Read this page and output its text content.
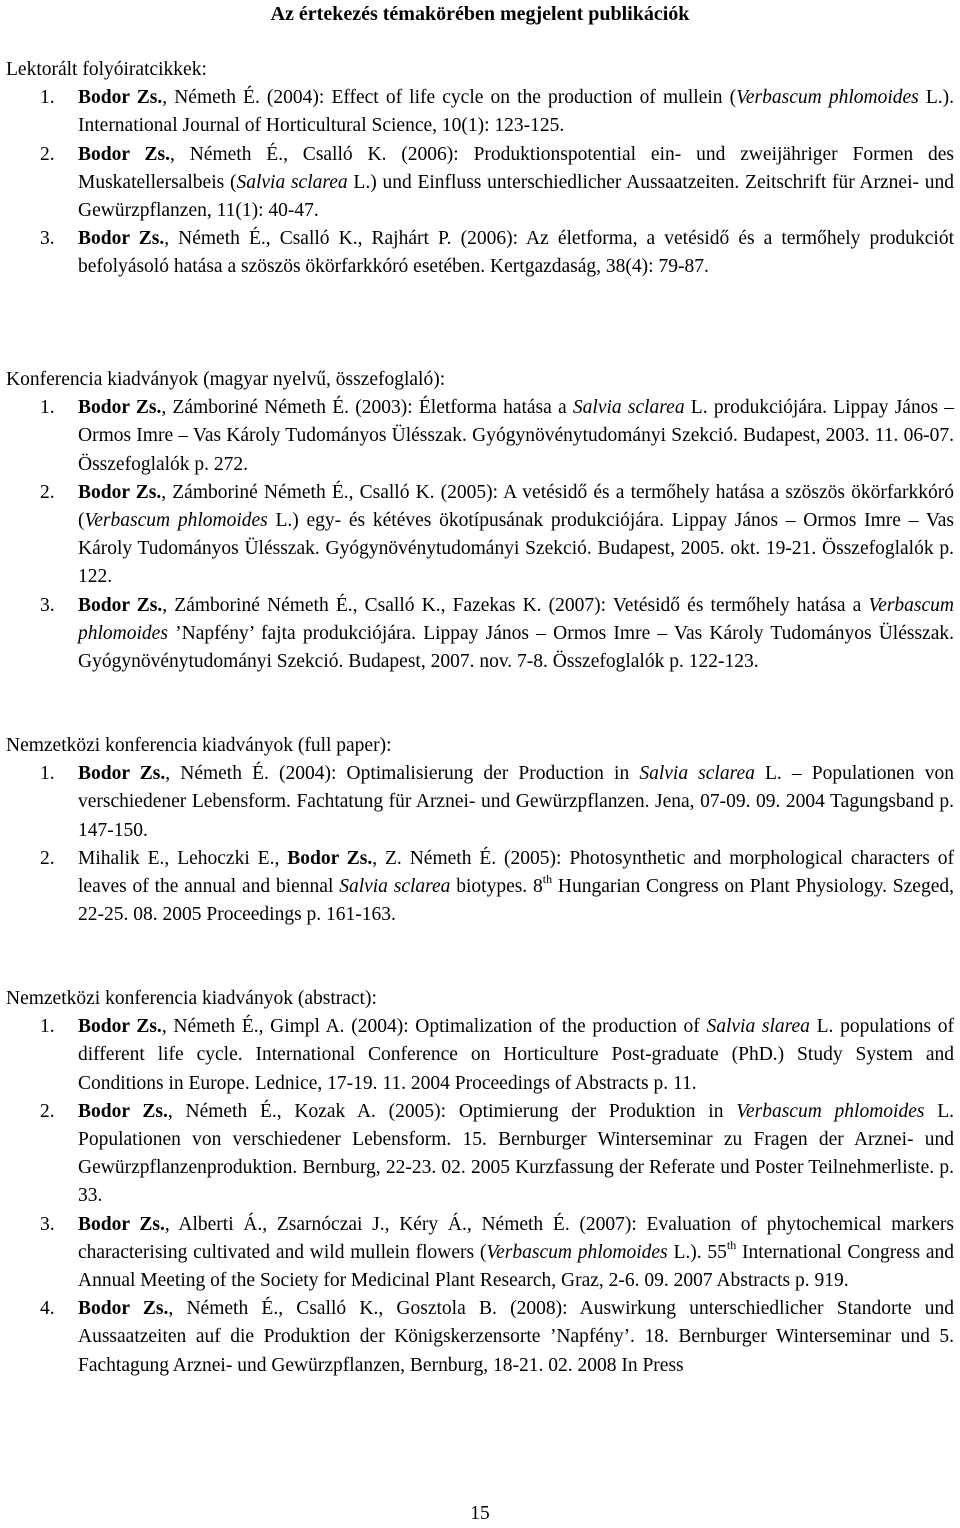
Az értekezés témakörében megjelent publikációk

Lektorált folyóiratcikkek:

1. Bodor Zs., Németh É. (2004): Effect of life cycle on the production of mullein (Verbascum phlomoides L.). International Journal of Horticultural Science, 10(1): 123-125.
2. Bodor Zs., Németh É., Csalló K. (2006): Produktionspotential ein- und zweijähriger Formen des Muskatellersalbeis (Salvia sclarea L.) und Einfluss unterschiedlicher Aussaatzeiten. Zeitschrift für Arznei- und Gewürzpflanzen, 11(1): 40-47.
3. Bodor Zs., Németh É., Csalló K., Rajhárt P. (2006): Az életforma, a vetésidő és a termőhely produkciót befolyásoló hatása a szöszös ökörfarkkóró esetében. Kertgazdaság, 38(4): 79-87.

Konferencia kiadványok (magyar nyelvű, összefoglaló):

1. Bodor Zs., Zámboriné Németh É. (2003): Életforma hatása a Salvia sclarea L. produkciójára. Lippay János – Ormos Imre – Vas Károly Tudományos Ülésszak. Gyógynövénytudományi Szekció. Budapest, 2003. 11. 06-07. Összefoglalók p. 272.
2. Bodor Zs., Zámboriné Németh É., Csalló K. (2005): A vetésidő és a termőhely hatása a szöszös ökörfarkkóró (Verbascum phlomoides L.) egy- és kétéves ökotípusának produkciójára. Lippay János – Ormos Imre – Vas Károly Tudományos Ülésszak. Gyógynövénytudományi Szekció. Budapest, 2005. okt. 19-21. Összefoglalók p. 122.
3. Bodor Zs., Zámboriné Németh É., Csalló K., Fazekas K. (2007): Vetésidő és termőhely hatása a Verbascum phlomoides ’Napfény’ fajta produkciójára. Lippay János – Ormos Imre – Vas Károly Tudományos Ülésszak. Gyógynövénytudományi Szekció. Budapest, 2007. nov. 7-8. Összefoglalók p. 122-123.

Nemzetközi konferencia kiadványok (full paper):

1. Bodor Zs., Németh É. (2004): Optimalisierung der Production in Salvia sclarea L. – Populationen von verschiedener Lebensform. Fachtatung für Arznei- und Gewürzpflanzen. Jena, 07-09. 09. 2004 Tagungsband p. 147-150.
2. Mihalik E., Lehoczki E., Bodor Zs., Z. Németh É. (2005): Photosynthetic and morphological characters of leaves of the annual and biennal Salvia sclarea biotypes. 8th Hungarian Congress on Plant Physiology. Szeged, 22-25. 08. 2005 Proceedings p. 161-163.

Nemzetközi konferencia kiadványok (abstract):

1. Bodor Zs., Németh É., Gimpl A. (2004): Optimalization of the production of Salvia slarea L. populations of different life cycle. International Conference on Horticulture Post-graduate (PhD.) Study System and Conditions in Europe. Lednice, 17-19. 11. 2004 Proceedings of Abstracts p. 11.
2. Bodor Zs., Németh É., Kozak A. (2005): Optimierung der Produktion in Verbascum phlomoides L. Populationen von verschiedener Lebensform. 15. Bernburger Winterseminar zu Fragen der Arznei- und Gewürzpflanzenproduktion. Bernburg, 22-23. 02. 2005 Kurzfassung der Referate und Poster Teilnehmerliste. p. 33.
3. Bodor Zs., Alberti Á., Zsarnóczai J., Kéry Á., Németh É. (2007): Evaluation of phytochemical markers characterising cultivated and wild mullein flowers (Verbascum phlomoides L.). 55th International Congress and Annual Meeting of the Society for Medicinal Plant Research, Graz, 2-6. 09. 2007 Abstracts p. 919.
4. Bodor Zs., Németh É., Csalló K., Gosztola B. (2008): Auswirkung unterschiedlicher Standorte und Aussaatzeiten auf die Produktion der Königskerzensorte ’Napfény’. 18. Bernburger Winterseminar und 5. Fachtagung Arznei- und Gewürzpflanzen, Bernburg, 18-21. 02. 2008 In Press
15
